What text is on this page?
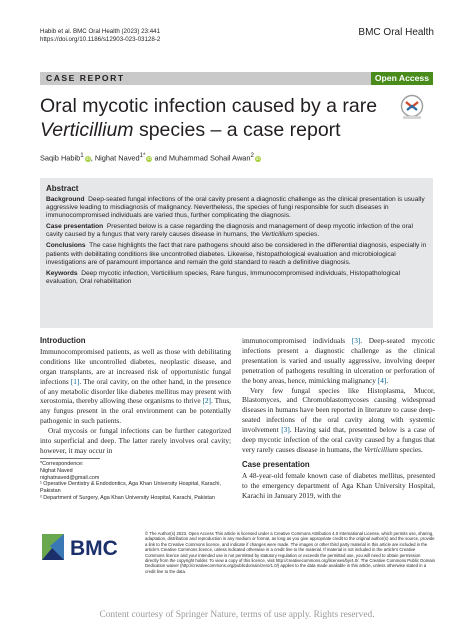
Habib et al. BMC Oral Health (2023) 23:441
https://doi.org/10.1186/s12903-023-03128-2
BMC Oral Health
CASE REPORT	Open Access
Oral mycotic infection caused by a rare
Verticillium species – a case report
Saqib Habib$^1$ iD, Nighat Naved$^{1*}$ iD and Muhammad Sohail Awan$^2$ iD
Abstract

Background Deep-seated fungal infections of the oral cavity present a diagnostic challenge as the clinical presentation is usually aggressive leading to misdiagnosis of malignancy. Nevertheless, the species of fungi responsible for such diseases in immunocompromised individuals are varied thus, further complicating the diagnosis.

Case presentation Presented below is a case regarding the diagnosis and management of deep mycotic infection of the oral cavity caused by a fungus that very rarely causes disease in humans, the Verticillium species.

Conclusions The case highlights the fact that rare pathogens should also be considered in the differential diagnosis, especially in patients with debilitating conditions like uncontrolled diabetes. Likewise, histopathological evaluation and microbiological investigations are of paramount importance and remain the gold standard to reach a definitive diagnosis.

Keywords Deep mycotic infection, Verticillium species, Rare fungus, Immunocompromised individuals, Histopathological evaluation, Oral rehabilitation

Introduction

Immunocompromised patients, as well as those with debilitating conditions like uncontrolled diabetes, neoplastic disease, and organ transplants, are at increased risk of opportunistic fungal infections [1]. The oral cavity, on the other hand, in the presence of any metabolic disorder like diabetes mellitus may present with xerostomia, thereby allowing these organisms to thrive [2]. Thus, any fungus present in the oral environment can be potentially pathogenic in such patients.

Oral mycosis or fungal infections can be further categorized into superficial and deep. The latter rarely involves oral cavity; however, it may occur in

immunocompromised individuals [3]. Deep-seated mycotic infections present a diagnostic challenge as the clinical presentation is varied and usually aggressive, involving deeper penetration of pathogens resulting in ulceration or perforation of the bony areas, hence, mimicking malignancy [4].

Very few fungal species like Histoplasma, Mucor, Blastomyces, and Chromoblastomycoses causing widespread diseases in humans have been reported in literature to cause deep-seated infections of the oral cavity along with systemic involvement [3]. Having said that, presented below is a case of deep mycotic infection of the oral cavity caused by a fungus that very rarely causes disease in humans, the Verticillium species.

Case presentation

A 48-year-old female known case of diabetes mellitus, presented to the emergency department of Aga Khan University Hospital, Karachi in January 2019, with the

*Correspondence:
Nighat Naved
nighatnaved@gmail.com
¹ Operative Dentistry & Endodontics, Aga Khan University Hospital, Karachi, Pakistan
² Department of Surgery, Aga Khan University Hospital, Karachi, Pakistan
BMC
© The Author(s) 2023. Open Access This article is licensed under a Creative Commons Attribution 4.0 International License, which permits use, sharing, adaptation, distribution and reproduction in any medium or format, as long as you give appropriate credit to the original author(s) and the source, provide a link to the Creative Commons licence, and indicate if changes were made. The images or other third party material in this article are included in the article's Creative Commons licence, unless indicated otherwise in a credit line to the material. If material is not included in the article's Creative Commons licence and your intended use is not permitted by statutory regulation or exceeds the permitted use, you will need to obtain permission directly from the copyright holder. To view a copy of this licence, visit http://creativecommons.org/licenses/by/4.0/. The Creative Commons Public Domain Dedication waiver (http://creativecommons.org/publicdomain/zero/1.0/) applies to the data made available in this article, unless otherwise stated in a credit line to the data.
Content courtesy of Springer Nature, terms of use apply. Rights reserved.
